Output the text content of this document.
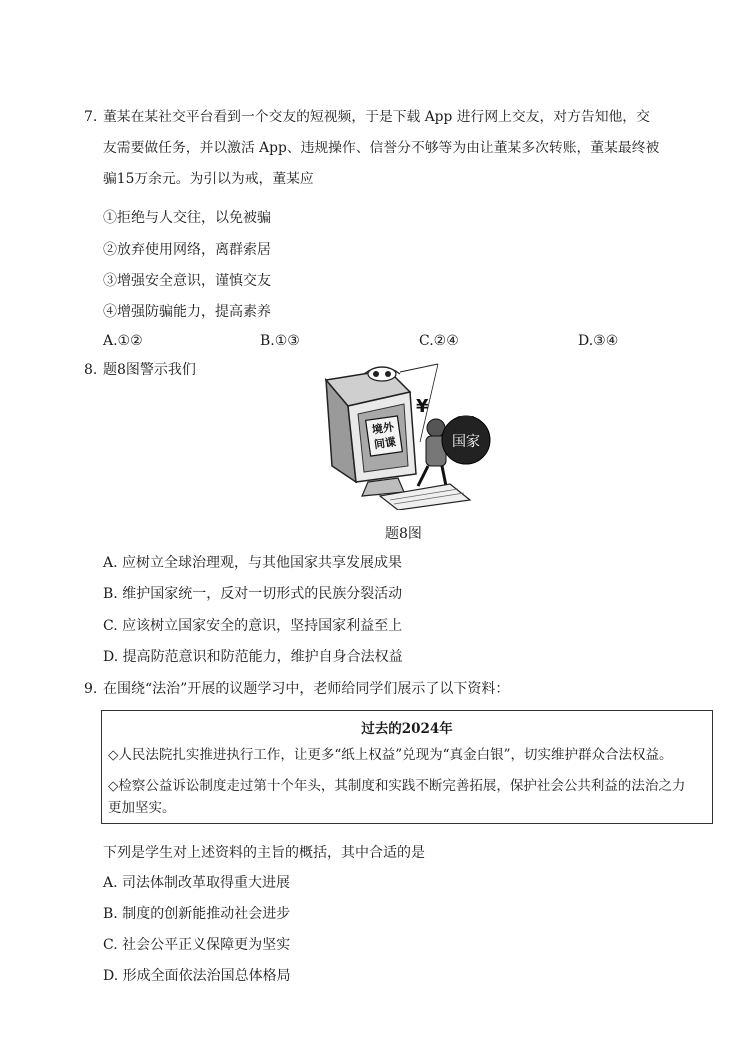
7. 董某在某社交平台看到一个交友的短视频，于是下载 App 进行网上交友，对方告知他，交
友需要做任务，并以激活 App、违规操作、信誉分不够等为由让董某多次转账，董某最终被
骗15万余元。为引以为戒，董某应
①拒绝与人交往，以免被骗
②放弃使用网络，离群索居
③增强安全意识，谨慎交友
④增强防骗能力，提高素养
A.①②	B.①③	C.②④	D.③④
8. 题8图警示我们
境外
间谍
¥
国家
题8图
A. 应树立全球治理观，与其他国家共享发展成果
B. 维护国家统一，反对一切形式的民族分裂活动
C. 应该树立国家安全的意识，坚持国家利益至上
D. 提高防范意识和防范能力，维护自身合法权益
9. 在围绕“法治”开展的议题学习中，老师给同学们展示了以下资料：
过去的2024年
◇人民法院扎实推进执行工作，让更多“纸上权益”兑现为“真金白银”，切实维护群众合法权益。
◇检察公益诉讼制度走过第十个年头，其制度和实践不断完善拓展，保护社会公共利益的法治之力
更加坚实。
下列是学生对上述资料的主旨的概括，其中合适的是
A. 司法体制改革取得重大进展
B. 制度的创新能推动社会进步
C. 社会公平正义保障更为坚实
D. 形成全面依法治国总体格局
